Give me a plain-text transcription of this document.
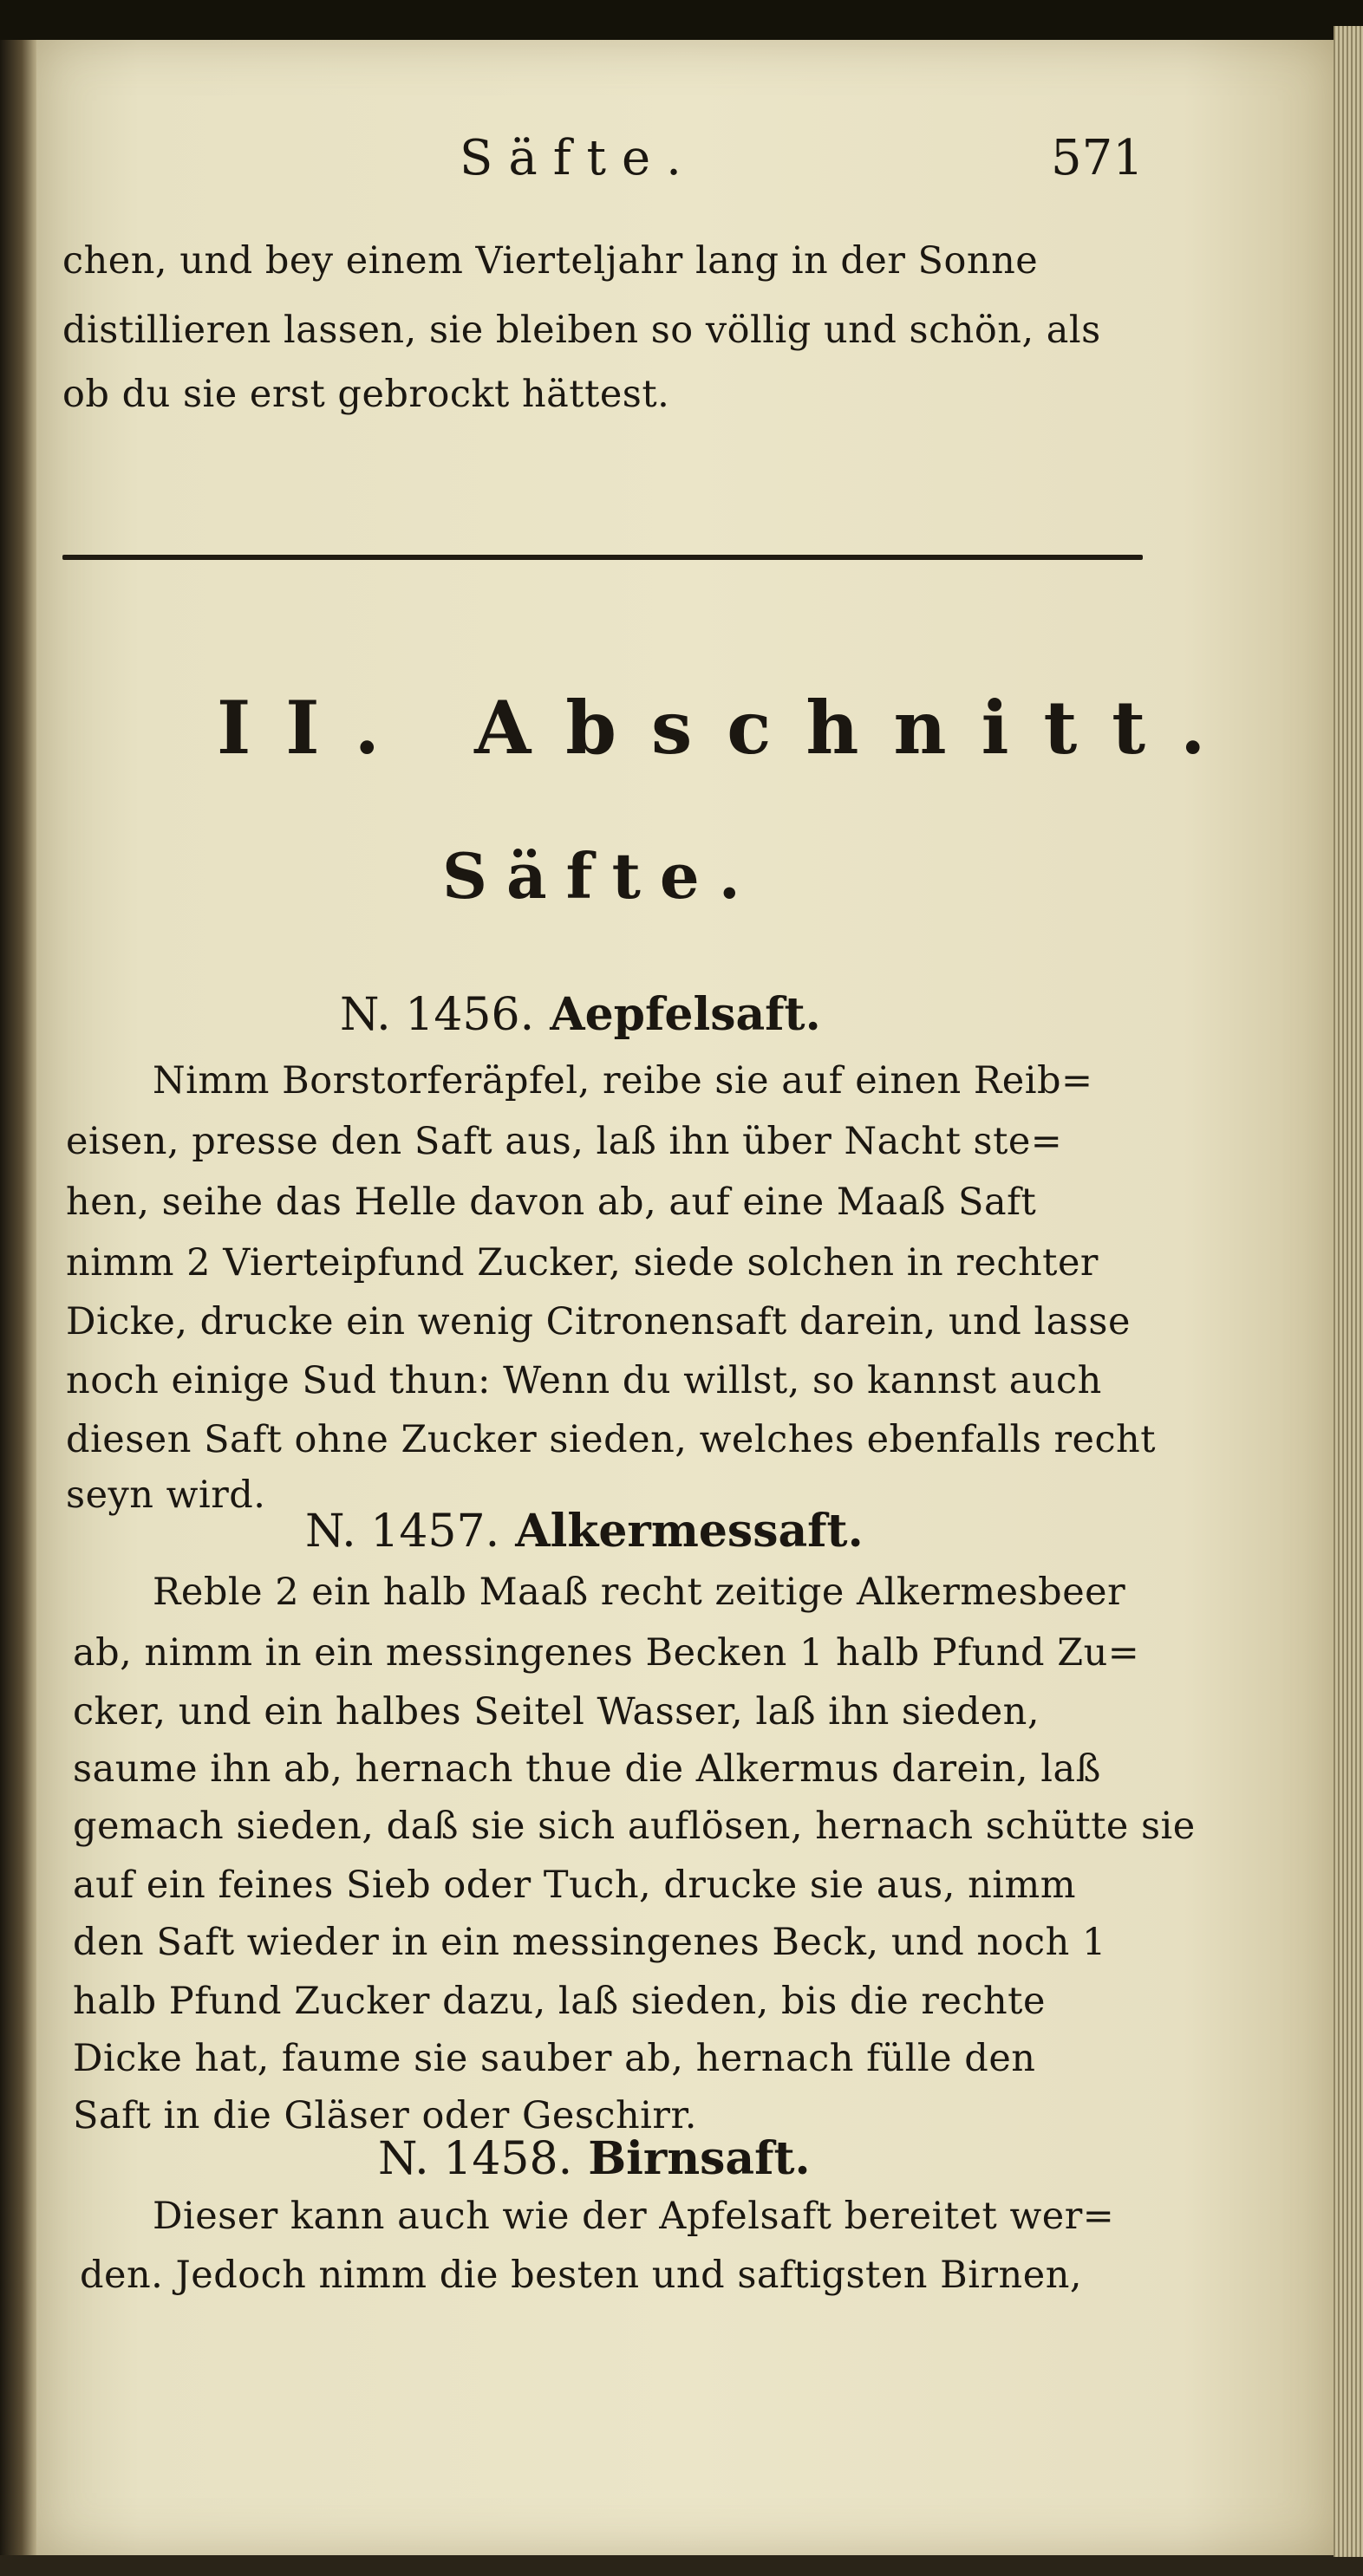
Säfte.	571
chen, und bey einem Vierteljahr lang in der Sonne
distillieren lassen, sie bleiben so völlig und schön, als
ob du sie erst gebrockt hättest.
II. Abschnitt.
Säfte.
N. 1456. Aepfelsaft.
Nimm Borstorferäpfel, reibe sie auf einen Reib=
eisen, presse den Saft aus, laß ihn über Nacht ste=
hen, seihe das Helle davon ab, auf eine Maaß Saft
nimm 2 Vierteipfund Zucker, siede solchen in rechter
Dicke, drucke ein wenig Citronensaft darein, und lasse
noch einige Sud thun: Wenn du willst, so kannst auch
diesen Saft ohne Zucker sieden, welches ebenfalls recht
seyn wird.
N. 1457. Alkermessaft.
Reble 2 ein halb Maaß recht zeitige Alkermesbeer
ab, nimm in ein messingenes Becken 1 halb Pfund Zu=
cker, und ein halbes Seitel Wasser, laß ihn sieden,
saume ihn ab, hernach thue die Alkermus darein, laß
gemach sieden, daß sie sich auflösen, hernach schütte sie
auf ein feines Sieb oder Tuch, drucke sie aus, nimm
den Saft wieder in ein messingenes Beck, und noch 1
halb Pfund Zucker dazu, laß sieden, bis die rechte
Dicke hat, faume sie sauber ab, hernach fülle den
Saft in die Gläser oder Geschirr.
N. 1458. Birnsaft.
Dieser kann auch wie der Apfelsaft bereitet wer=
den. Jedoch nimm die besten und saftigsten Birnen,
